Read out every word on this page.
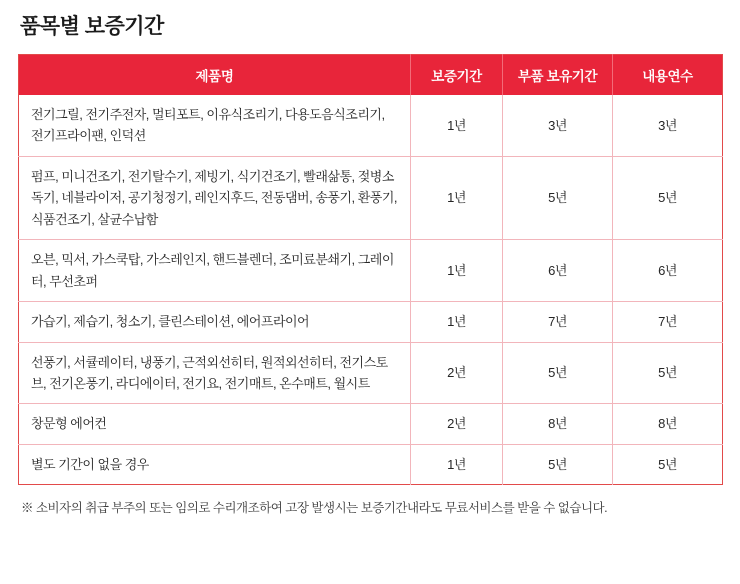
품목별 보증기간
제품명	보증기간	부품 보유기간	내용연수
전기그릴, 전기주전자, 멀티포트, 이유식조리기, 다용도음식조리기, 전기프라이팬, 인덕션	1년	3년	3년
펌프, 미니건조기, 전기탈수기, 제빙기, 식기건조기, 빨래삶통, 젖병소독기, 네블라이저, 공기청정기, 레인지후드, 전동댐버, 송풍기, 환풍기, 식품건조기, 살균수납함	1년	5년	5년
오븐, 믹서, 가스쿡탑, 가스레인지, 핸드블렌더, 조미료분쇄기, 그레이터, 무선초퍼	1년	6년	6년
가습기, 제습기, 청소기, 클린스테이션, 에어프라이어	1년	7년	7년
선풍기, 서큘레이터, 냉풍기, 근적외선히터, 원적외선히터, 전기스토브, 전기온풍기, 라디에이터, 전기요, 전기매트, 온수매트, 월시트	2년	5년	5년
창문형 에어컨	2년	8년	8년
별도 기간이 없을 경우	1년	5년	5년
※ 소비자의 취급 부주의 또는 임의로 수리개조하여 고장 발생시는 보증기간내라도 무료서비스를 받을 수 없습니다.
